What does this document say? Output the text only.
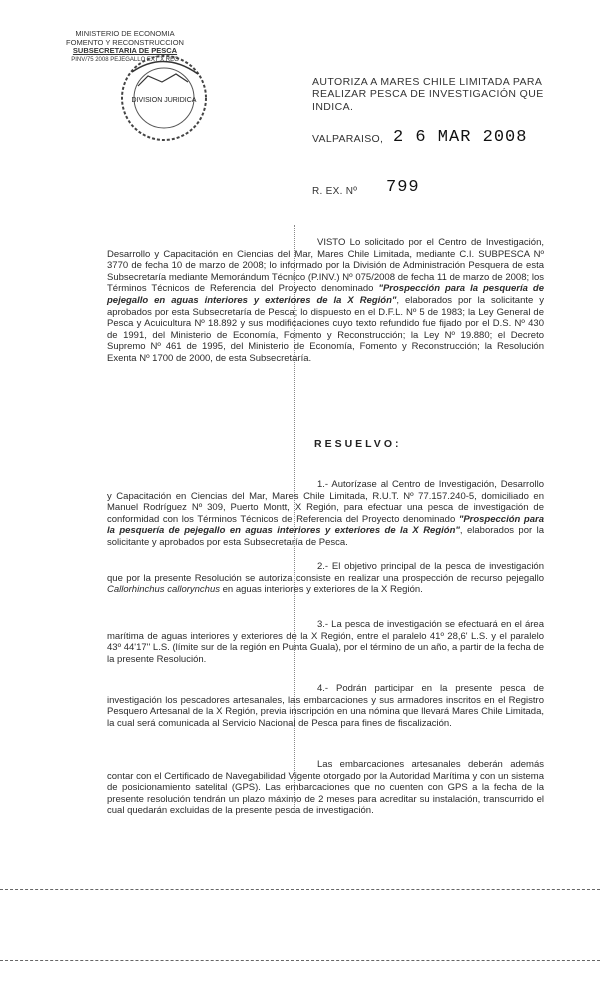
MINISTERIO DE ECONOMIA
FOMENTO Y RECONSTRUCCION
SUBSECRETARIA DE PESCA
PINV/75 2008 PEJEGALLO EXT X REG
DIVISION JURIDICA
AUTORIZA A MARES CHILE LIMITADA PARA REALIZAR PESCA DE INVESTIGACIÓN QUE INDICA.
VALPARAISO, 2 6 MAR 2008
R. EX. Nº 799
VISTO Lo solicitado por el Centro de Investigación, Desarrollo y Capacitación en Ciencias del Mar, Mares Chile Limitada, mediante C.I. SUBPESCA Nº 3770 de fecha 10 de marzo de 2008; lo informado por la División de Administración Pesquera de esta Subsecretaría mediante Memorándum Técnico (P.INV.) Nº 075/2008 de fecha 11 de marzo de 2008; los Términos Técnicos de Referencia del Proyecto denominado "Prospección para la pesquería de pejegallo en aguas interiores y exteriores de la X Región", elaborados por la solicitante y aprobados por esta Subsecretaría de Pesca; lo dispuesto en el D.F.L. Nº 5 de 1983; la Ley General de Pesca y Acuicultura Nº 18.892 y sus modificaciones cuyo texto refundido fue fijado por el D.S. Nº 430 de 1991, del Ministerio de Economía, Fomento y Reconstrucción; la Ley Nº 19.880; el Decreto Supremo Nº 461 de 1995, del Ministerio de Economía, Fomento y Reconstrucción; la Resolución Exenta Nº 1700 de 2000, de esta Subsecretaría.
RESUELVO:
1.- Autorízase al Centro de Investigación, Desarrollo y Capacitación en Ciencias del Mar, Mares Chile Limitada, R.U.T. Nº 77.157.240-5, domiciliado en Manuel Rodríguez Nº 309, Puerto Montt, X Región, para efectuar una pesca de investigación de conformidad con los Términos Técnicos de Referencia del Proyecto denominado "Prospección para la pesquería de pejegallo en aguas interiores y exteriores de la X Región", elaborados por la solicitante y aprobados por esta Subsecretaría de Pesca.
2.- El objetivo principal de la pesca de investigación que por la presente Resolución se autoriza consiste en realizar una prospección de recurso pejegallo Callorhinchus callorynchus en aguas interiores y exteriores de la X Región.
3.- La pesca de investigación se efectuará en el área marítima de aguas interiores y exteriores de la X Región, entre el paralelo 41º 28,6' L.S. y el paralelo 43º 44'17'' L.S. (límite sur de la región en Punta Guala), por el término de un año, a partir de la fecha de la presente Resolución.
4.- Podrán participar en la presente pesca de investigación los pescadores artesanales, las embarcaciones y sus armadores inscritos en el Registro Pesquero Artesanal de la X Región, previa inscripción en una nómina que llevará Mares Chile Limitada, la cual será comunicada al Servicio Nacional de Pesca para fines de fiscalización.
Las embarcaciones artesanales deberán además contar con el Certificado de Navegabilidad Vigente otorgado por la Autoridad Marítima y con un sistema de posicionamiento satelital (GPS). Las embarcaciones que no cuenten con GPS a la fecha de la presente resolución tendrán un plazo máximo de 2 meses para acreditar su instalación, transcurrido el cual quedarán excluidas de la presente pesca de investigación.
